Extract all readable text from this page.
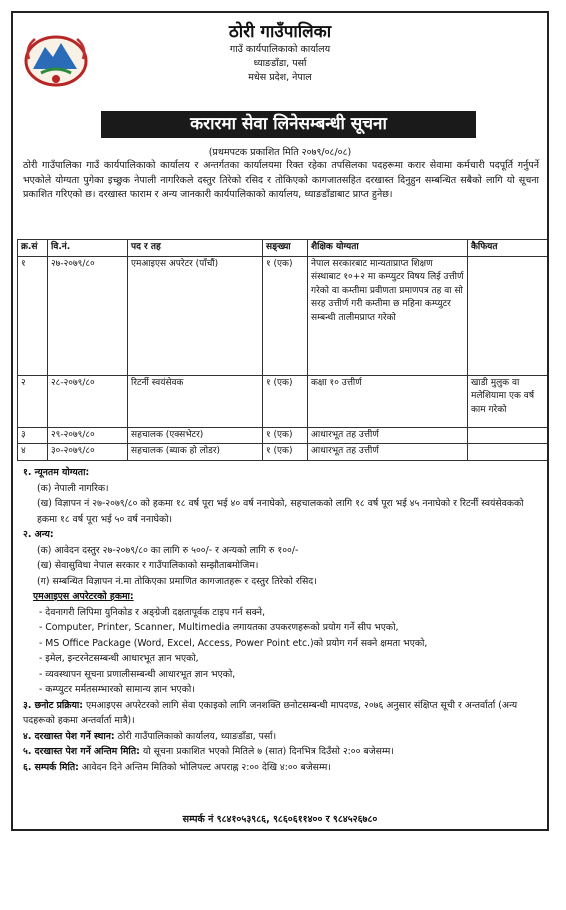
ठोरी गाउँपालिका
गाउँ कार्यपालिकाको कार्यालय
ध्याङडाँडा, पर्सा
मधेस प्रदेश, नेपाल
करारमा सेवा लिनेसम्बन्धी सूचना
(प्रथमपटक प्रकाशित मिति २०७९/०८/०८)
ठोरी गाउँपालिका गाउँ कार्यपालिकाको कार्यालय र अन्तर्गतका कार्यालयमा रिक्त रहेका तपसिलका पदहरूमा करार सेवामा कर्मचारी पदपूर्ति गर्नुपर्ने भएकोले योग्यता पुगेका इच्छुक नेपाली नागरिकले दस्तुर तिरेको रसिद र तोकिएको कागजातसहित दरखास्त दिनुहुन सम्बन्धित सबैको लागि यो सूचना प्रकाशित गरिएको छ। दरखास्त फाराम र अन्य जानकारी कार्यपालिकाको कार्यालय, ध्याङडाँडाबाट प्राप्त हुनेछ।
क्र.सं	वि.नं.	पद र तह	सङ्ख्या	शैक्षिक योग्यता	कैफियत
१	२७-२०७९/८०	एमआइएस अपरेटर (पाँचौं)	१ (एक)	नेपाल सरकारबाट मान्यताप्राप्त शिक्षण संस्थाबाट १०+२ मा कम्प्युटर विषय लिई उत्तीर्ण गरेको वा कम्तीमा प्रवीणता प्रमाणपत्र तह वा सो सरह उत्तीर्ण गरी कम्तीमा छ महिना कम्प्युटर सम्बन्धी तालीमप्राप्त गरेको	
२	२८-२०७९/८०	रिटर्नी स्वयंसेवक	१ (एक)	कक्षा १० उत्तीर्ण	खाडी मुलुक वा मलेशियामा एक वर्ष काम गरेको
३	२९-२०७९/८०	सहचालक (एक्सभेटर)	१ (एक)	आधारभूत तह उत्तीर्ण	
४	३०-२०७९/८०	सहचालक (ब्याक हो लोडर)	१ (एक)	आधारभूत तह उत्तीर्ण	
१. न्यूनतम योग्यता:
(क) नेपाली नागरिक।
(ख) विज्ञापन नं २७-२०७९/८० को हकमा १८ वर्ष पूरा भई ४० वर्ष ननाघेको, सहचालकको लागि १८ वर्ष पूरा भई ४५ ननाघेको र रिटर्नी स्वयंसेवकको हकमा १८ वर्ष पूरा भई ५० वर्ष ननाघेको।
२. अन्य:
(क) आवेदन दस्तुर २७-२०७९/८० का लागि रु ५००/- र अन्यको लागि रु १००/-
(ख) सेवासुविधा नेपाल सरकार र गाउँपालिकाको सम्झौताबमोजिम।
(ग) सम्बन्धित विज्ञापन नं.मा तोकिएका प्रमाणित कागजातहरू र दस्तुर तिरेको रसिद।
एमआइएस अपरेटरको हकमा:
- देवनागरी लिपिमा युनिकोड र अङ्ग्रेजी दक्षतापूर्वक टाइप गर्न सक्ने,
- Computer, Printer, Scanner, Multimedia लगायतका उपकरणहरूको प्रयोग गर्ने सीप भएको,
- MS Office Package (Word, Excel, Access, Power Point etc.)को प्रयोग गर्न सक्ने क्षमता भएको,
- इमेल, इन्टरनेटसम्बन्धी आधारभूत ज्ञान भएको,
- व्यवस्थापन सूचना प्रणालीसम्बन्धी आधारभूत ज्ञान भएको,
- कम्प्युटर मर्मतसम्भारको सामान्य ज्ञान भएको।
३. छनोट प्रक्रिया: एमआइएस अपरेटरको लागि सेवा एकाइको लागि जनशक्ति छनोटसम्बन्धी मापदण्ड, २०७६ अनुसार संक्षिप्त सूची र अन्तर्वार्ता (अन्य पदहरूको हकमा अन्तर्वार्ता मात्रै)।
४. दरखास्त पेश गर्ने स्थान: ठोरी गाउँपालिकाको कार्यालय, ध्याङडाँडा, पर्सा।
५. दरखास्त पेश गर्ने अन्तिम मिति: यो सूचना प्रकाशित भएको मितिले ७ (सात) दिनभित्र दिउँसो २:०० बजेसम्म।
६. सम्पर्क मिति: आवेदन दिने अन्तिम मितिको भोलिपल्ट अपराह्न २:०० देखि ४:०० बजेसम्म।
सम्पर्क नं ९८४१०५३९८६, ९८६०६११४०० र ९८४५२६७८०
